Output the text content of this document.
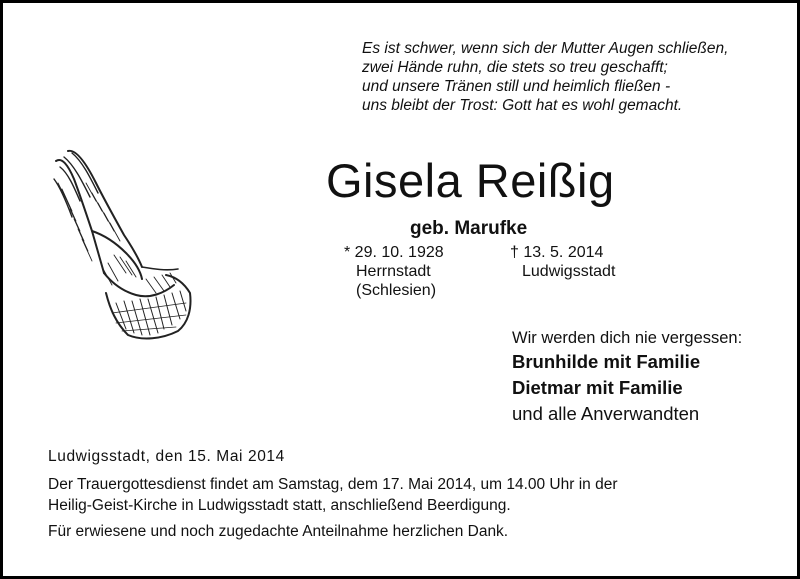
Es ist schwer, wenn sich der Mutter Augen schließen,
zwei Hände ruhn, die stets so treu geschafft;
und unsere Tränen still und heimlich fließen -
uns bleibt der Trost: Gott hat es wohl gemacht.
Gisela Reißig
geb. Marufke
* 29. 10. 1928
Herrnstadt
(Schlesien)
† 13. 5. 2014
Ludwigsstadt
Wir werden dich nie vergessen:
Brunhilde mit Familie
Dietmar mit Familie
und alle Anverwandten
Ludwigsstadt, den 15. Mai 2014
Der Trauergottesdienst findet am Samstag, dem 17. Mai 2014, um 14.00 Uhr in der
Heilig-Geist-Kirche in Ludwigsstadt statt, anschließend Beerdigung.
Für erwiesene und noch zugedachte Anteilnahme herzlichen Dank.
